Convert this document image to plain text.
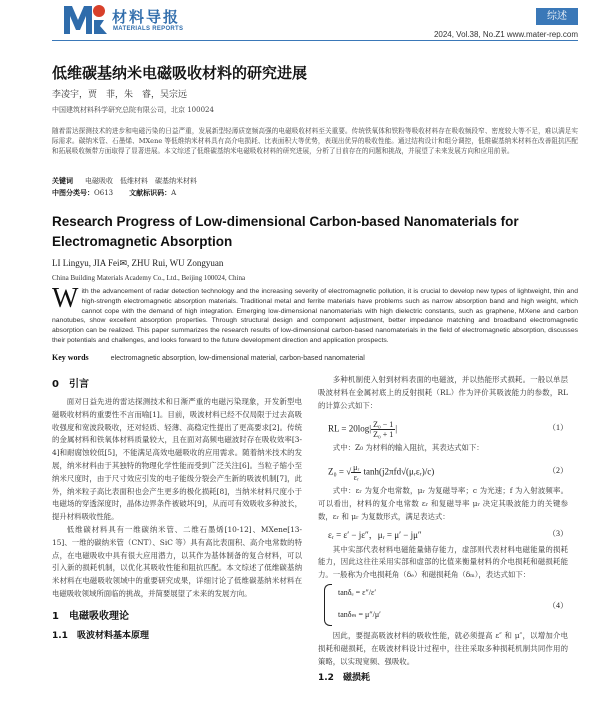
材料导报
MATERIALS REPORTS
综述
2024, Vol.38, No.Z1 www.mater-rep.com
低维碳基纳米电磁吸收材料的研究进展
李凌宇，贾　菲，朱　睿，吴宗远
中国建筑材料科学研究总院有限公司，北京 100024
随着雷达探测技术的进步和电磁污染的日益严重，发展新型轻薄质宽频高强的电磁吸收材料至关重要。传统铁氧体和铁粉等吸收材料存在吸收频段窄、密度较大等不足，难以满足实际需求。碳纳米管、石墨烯、MXene 等低维纳米材料具有高介电损耗、比表面积大等优势，表现出优异的吸收性能。通过结构设计和组分调控，低维碳基纳米材料在改善阻抗匹配和拓展吸收频带方面取得了显著进展。本文综述了低维碳基纳米电磁吸收材料的研究进展，分析了目前存在的问题和挑战，并展望了未来发展方向和应用前景。
关键词 电磁吸收　低维材料　碳基纳米材料
中图分类号：O613 文献标识码：A
Research Progress of Low-dimensional Carbon-based Nanomaterials for Electromagnetic Absorption
LI Lingyu, JIA Fei✉, ZHU Rui, WU Zongyuan
China Building Materials Academy Co., Ltd., Beijing 100024, China
With the advancement of radar detection technology and the increasing severity of electromagnetic pollution, it is crucial to develop new types of lightweight, thin and high-strength electromagnetic absorption materials. Traditional metal and ferrite materials have problems such as narrow absorption band and high weight, which cannot cope with the demand of high integration. Emerging low-dimensional nanomaterials with high dielectric constants, such as graphene, MXene and carbon nanotubes, show excellent absorption properties. Through structural design and component adjustment, better impedance matching and broadband electromagnetic absorption can be realized. This paper summarizes the research results of low-dimensional carbon-based nanomaterials in the field of electromagnetic absorption, discusses their potentials and challenges, and looks forward to the future development direction and application prospects.
Key words	electromagnetic absorption, low-dimensional material, carbon-based nanomaterial
0　引言

面对日益先进的雷达探测技术和日渐严重的电磁污染现象，开发新型电磁吸收材料的重要性不言而喻[1]。目前，吸波材料已经不仅局限于过去高吸收强度和宽波段吸收，还对轻质、轻薄、高稳定性提出了更高要求[2]。传统的金属材料和铁氧体材料质量较大，且在面对高频电磁波时存在吸收效率[3-4]和耐腐蚀较低[5]，不能满足高效电磁吸收的应用需求。随着纳米技术的发展，纳米材料由于其独特的物理化学性能而受到广泛关注[6]。当粒子缩小至纳米尺度时，由于尺寸效应引发的电子能级分裂会产生新的吸波机制[7]，此外，纳米粒子高比表面积也会产生更多的极化损耗[8]，当纳米材料尺度小于电磁场的穿透深度时，晶体边界条件被破坏[9]，从而可有效吸收多种波长，提升材料吸收性能。

低维碳材料具有一维碳纳米管、二维石墨烯[10-12]、MXene[13-15]、一维的碳纳米管（CNT）、SiC 等）具有高比表面积、高介电常数的特点，在电磁吸收中具有很大应用潜力，以其作为基体制备的复合材料，可以引入新的损耗机制，以优化其吸收性能和阻抗匹配。本文综述了低维碳基纳米材料在电磁吸收领域中的重要研究成果，详细讨论了低维碳基纳米材料在电磁吸收领域所面临的挑战，并简要展望了未来的发展方向。

1　电磁吸收理论
1.1　吸波材料基本原理

多种机制使入射到材料表面的电磁波，并以热能形式损耗。一般以单层吸波材料在金属衬底上的反射损耗（RL）作为评价其吸波能力的参数，RL 的计算公式如下：

RL = $20\log| \frac{\text{Z₀ − 1}}{\text{Z₀ + 1}}$ |	（1）

式中：Z₀ 为材料的输入阻抗，其表达式如下：

Z₀ = √ $\frac{\text{μᵣ}}{\text{εᵣ}}$ tanh(j2πfd√(μᵣεᵣ)/c)	（2）

式中：εᵣ 为复介电常数，μᵣ 为复磁导率；c 为光速；f 为入射波频率。可以看出，材料的复介电常数 εᵣ 和复磁导率 μᵣ 决定其吸波能力的关键参数，εᵣ 和 μᵣ 为复数形式，满足表达式：

εᵣ = ε′ − jε″，μᵣ = μ′ − jμ″	（3）

其中实部代表材料电磁能量储存能力，虚部则代表材料电磁能量的损耗能力，因此这往往采用实部和虚部的比值来衡量材料的介电损耗和磁损耗能力。一般称为介电损耗角（δₑ）和磁损耗角（δₘ），表达式如下：

tanδₑ = ε″/ε′
tanδₘ = μ″/μ′
（4）

因此，要提高吸波材料的吸收性能，就必须提高 ε″ 和 μ″，以增加介电损耗和磁损耗，在吸波材料设计过程中，往往采取多种损耗机制共同作用的策略，以实现宽频、强吸收。

1.2　磁损耗
